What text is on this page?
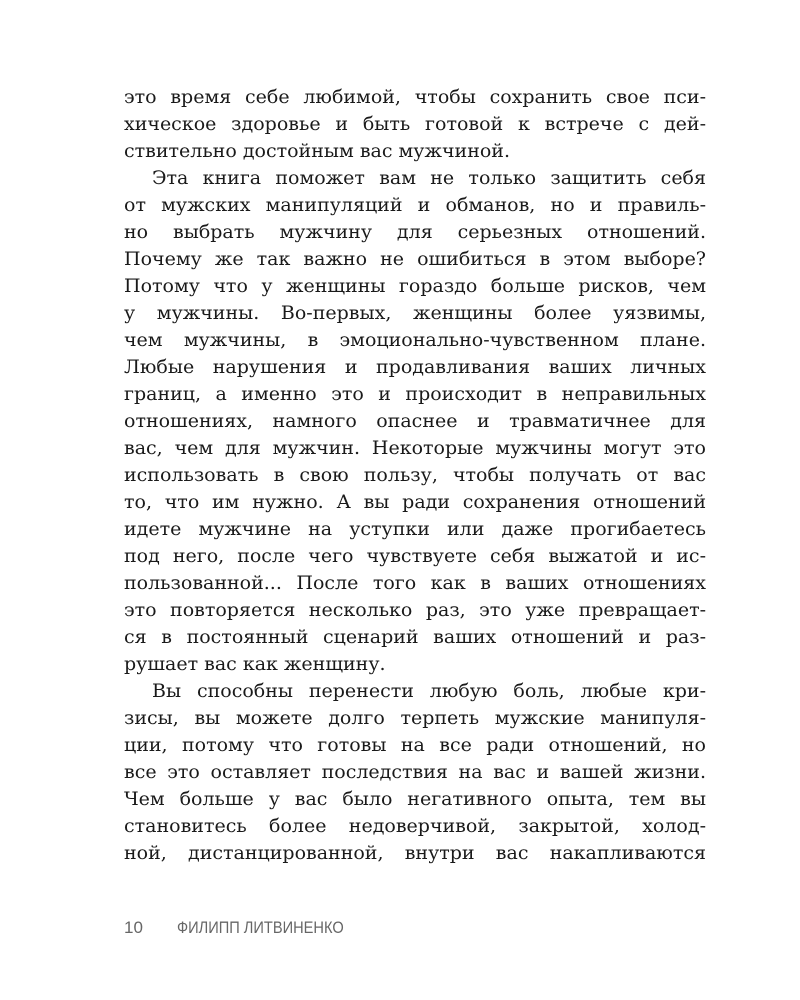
это время себе любимой, чтобы сохранить свое пси-
хическое здоровье и быть готовой к встрече с дей-
ствительно достойным вас мужчиной.
Эта книга поможет вам не только защитить себя
от мужских манипуляций и обманов, но и правиль-
но выбрать мужчину для серьезных отношений.
Почему же так важно не ошибиться в этом выборе?
Потому что у женщины гораздо больше рисков, чем
у мужчины. Во-первых, женщины более уязвимы,
чем мужчины, в эмоционально-чувственном плане.
Любые нарушения и продавливания ваших личных
границ, а именно это и происходит в неправильных
отношениях, намного опаснее и травматичнее для
вас, чем для мужчин. Некоторые мужчины могут это
использовать в свою пользу, чтобы получать от вас
то, что им нужно. А вы ради сохранения отношений
идете мужчине на уступки или даже прогибаетесь
под него, после чего чувствуете себя выжатой и ис-
пользованной... После того как в ваших отношениях
это повторяется несколько раз, это уже превращает-
ся в постоянный сценарий ваших отношений и раз-
рушает вас как женщину.
Вы способны перенести любую боль, любые кри-
зисы, вы можете долго терпеть мужские манипуля-
ции, потому что готовы на все ради отношений, но
все это оставляет последствия на вас и вашей жизни.
Чем больше у вас было негативного опыта, тем вы
становитесь более недоверчивой, закрытой, холод-
ной, дистанцированной, внутри вас накапливаются
10 ФИЛИПП ЛИТВИНЕНКО
